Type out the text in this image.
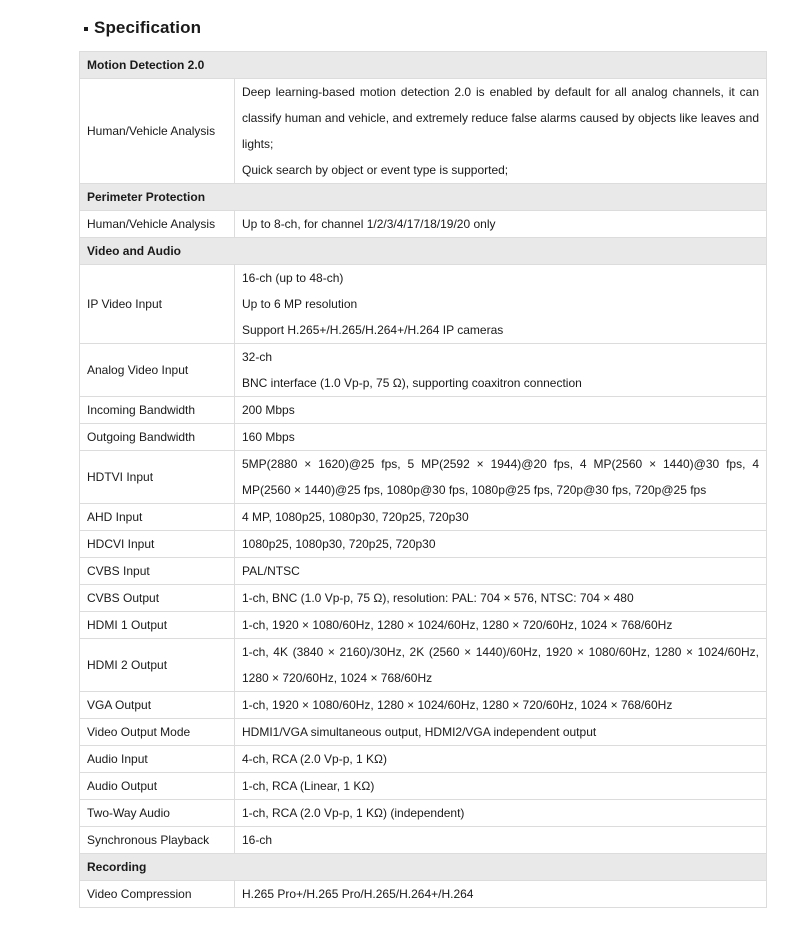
Specification
Motion Detection 2.0	
Human/Vehicle Analysis	Deep learning-based motion detection 2.0 is enabled by default for all analog channels, it can classify human and vehicle, and extremely reduce false alarms caused by objects like leaves and lights;
Quick search by object or event type is supported;

Perimeter Protection	
Human/Vehicle Analysis	Up to 8-ch, for channel 1/2/3/4/17/18/19/20 only

Video and Audio	
IP Video Input	16-ch (up to 48-ch)
Up to 6 MP resolution
Support H.265+/H.265/H.264+/H.264 IP cameras

Analog Video Input	32-ch
BNC interface (1.0 Vp-p, 75 Ω), supporting coaxitron connection

Incoming Bandwidth	200 Mbps

Outgoing Bandwidth	160 Mbps

HDTVI Input	5MP(2880 × 1620)@25 fps, 5 MP(2592 × 1944)@20 fps, 4 MP(2560 × 1440)@30 fps, 4 MP(2560 × 1440)@25 fps, 1080p@30 fps, 1080p@25 fps, 720p@30 fps, 720p@25 fps

AHD Input	4 MP, 1080p25, 1080p30, 720p25, 720p30

HDCVI Input	1080p25, 1080p30, 720p25, 720p30

CVBS Input	PAL/NTSC

CVBS Output	1-ch, BNC (1.0 Vp-p, 75 Ω), resolution: PAL: 704 × 576, NTSC: 704 × 480

HDMI 1 Output	1-ch, 1920 × 1080/60Hz, 1280 × 1024/60Hz, 1280 × 720/60Hz, 1024 × 768/60Hz

HDMI 2 Output	1-ch, 4K (3840 × 2160)/30Hz, 2K (2560 × 1440)/60Hz, 1920 × 1080/60Hz, 1280 × 1024/60Hz, 1280 × 720/60Hz, 1024 × 768/60Hz

VGA Output	1-ch, 1920 × 1080/60Hz, 1280 × 1024/60Hz, 1280 × 720/60Hz, 1024 × 768/60Hz

Video Output Mode	HDMI1/VGA simultaneous output, HDMI2/VGA independent output

Audio Input	4-ch, RCA (2.0 Vp-p, 1 KΩ)

Audio Output	1-ch, RCA (Linear, 1 KΩ)

Two-Way Audio	1-ch, RCA (2.0 Vp-p, 1 KΩ) (independent)

Synchronous Playback	16-ch

Recording	
Video Compression	H.265 Pro+/H.265 Pro/H.265/H.264+/H.264
